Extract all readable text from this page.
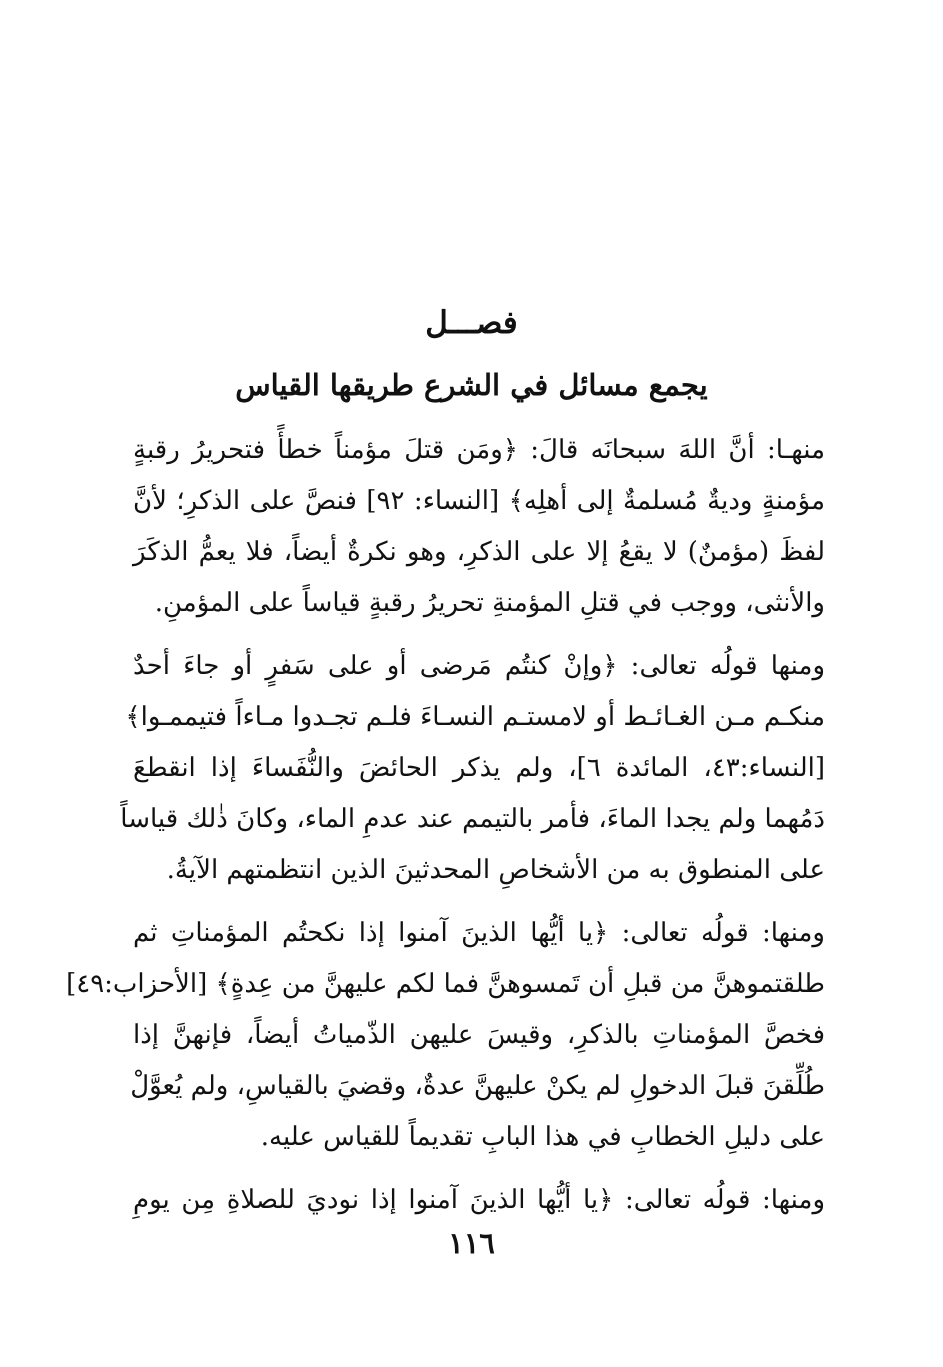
فصـــل
يجمع مسائل في الشرع طريقها القياس
منهـا: أنَّ اللهَ سبحانَه قالَ: ﴿ومَن قتلَ مؤمناً خطأً فتحريرُ رقبةٍ
مؤمنةٍ وديةٌ مُسلمةٌ إلى أهلِه﴾ [النساء: ٩٢] فنصَّ على الذكرِ؛ لأنَّ
لفظَ (مؤمنٌ) لا يقعُ إلا على الذكرِ، وهو نكرةٌ أيضاً، فلا يعمُّ الذكَرَ
والأنثى، ووجب في قتلِ المؤمنةِ تحريرُ رقبةٍ قياساً على المؤمنِ.
ومنها قولُه تعالى: ﴿وإنْ كنتُم مَرضى أو على سَفرٍ أو جاءَ أحدٌ
منكـم مـن الغـائـط أو لامستـم النسـاءَ فلـم تجـدوا مـاءاً فتيممـوا﴾
[النساء:٤٣، المائدة ٦]، ولم يذكر الحائضَ والنُّفَساءَ إذا انقطعَ
دَمُهما ولم يجدا الماءَ، فأمر بالتيمم عند عدمِ الماء، وكانَ ذٰلك قياساً
على المنطوق به من الأشخاصِ المحدثينَ الذين انتظمتهم الآيةُ.
ومنها: قولُه تعالى: ﴿يا أيُّها الذينَ آمنوا إذا نكحتُم المؤمناتِ ثم
طلقتموهنَّ من قبلِ أن تَمسوهنَّ فما لكم عليهنَّ من عِدةٍ﴾ [الأحزاب:٤٩]
فخصَّ المؤمناتِ بالذكرِ، وقيسَ عليهن الذّمياتُ أيضاً، فإنهنَّ إذا
طُلِّقنَ قبلَ الدخولِ لم يكنْ عليهنَّ عدةٌ، وقضيَ بالقياسِ، ولم يُعوَّلْ
على دليلِ الخطابِ في هذا البابِ تقديماً للقياس عليه.
ومنها: قولُه تعالى: ﴿يا أيُّها الذينَ آمنوا إذا نوديَ للصلاةِ مِن يومِ
١١٦
